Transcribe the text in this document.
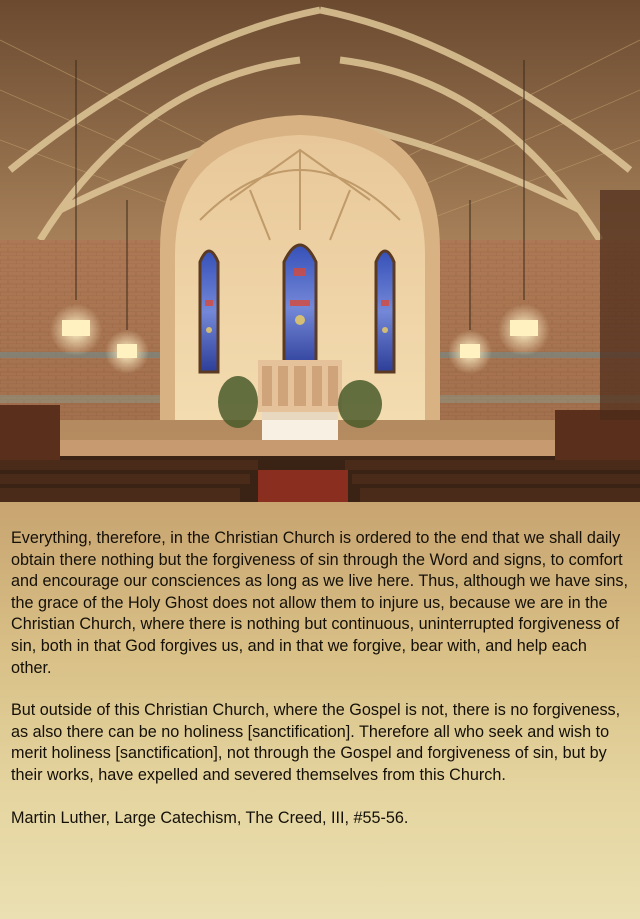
Everything, therefore, in the Christian Church is ordered to the end that we shall daily obtain there nothing but the forgiveness of sin through the Word and signs, to comfort and encourage our consciences as long as we live here. Thus, although we have sins, the grace of the Holy Ghost does not allow them to injure us, because we are in the Christian Church, where there is nothing but continuous, uninterrupted forgiveness of sin, both in that God forgives us, and in that we forgive, bear with, and help each other.

But outside of this Christian Church, where the Gospel is not, there is no forgiveness, as also there can be no holiness [sanctification]. Therefore all who seek and wish to merit holiness [sanctification], not through the Gospel and forgiveness of sin, but by their works, have expelled and severed themselves from this Church.

Martin Luther, Large Catechism, The Creed, III, #55-56.
